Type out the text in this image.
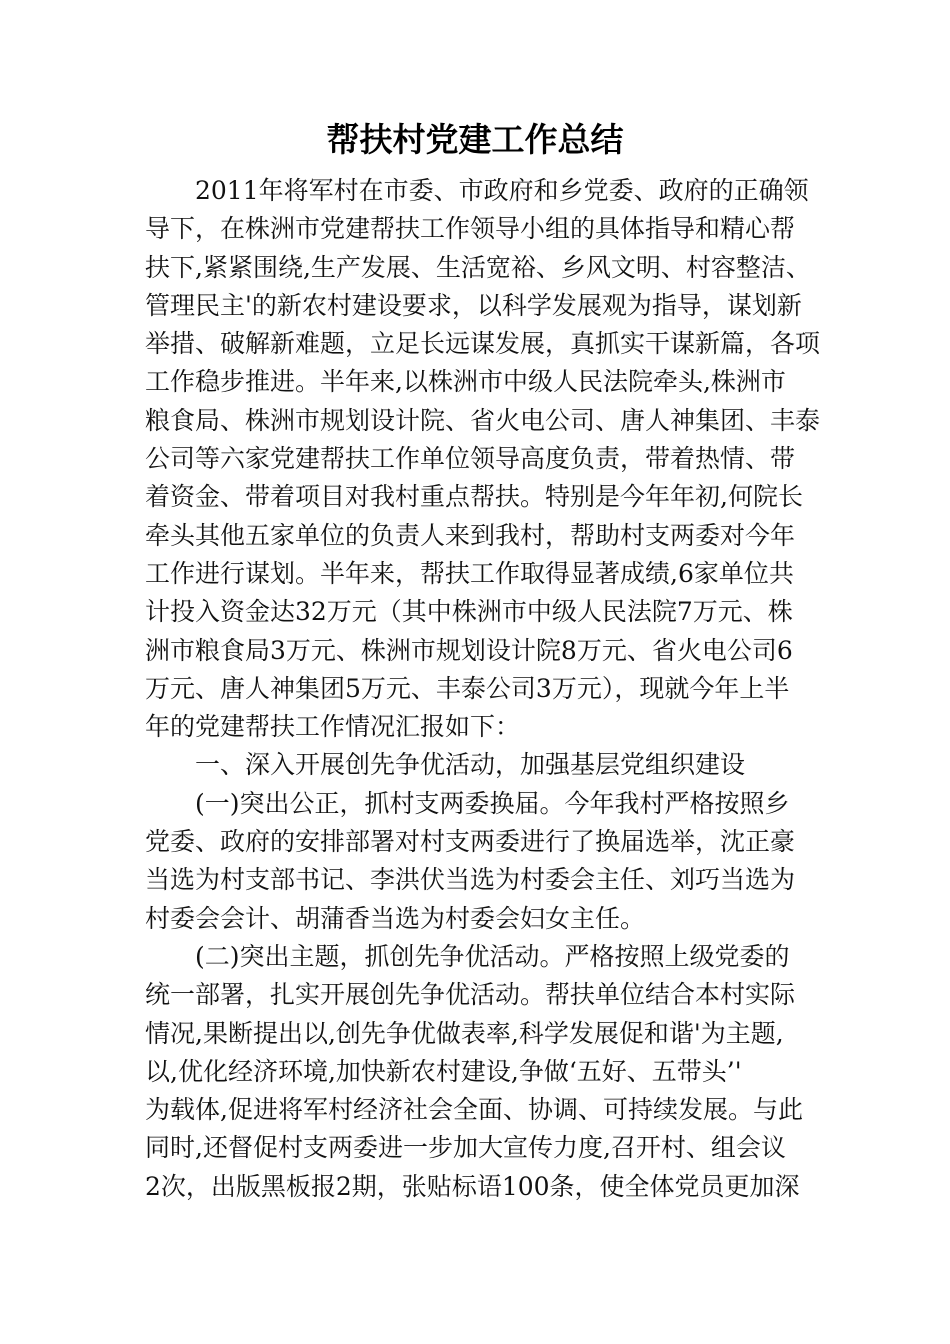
帮扶村党建工作总结
2011年将军村在市委、市政府和乡党委、政府的正确领
导下，在株洲市党建帮扶工作领导小组的具体指导和精心帮
扶下,紧紧围绕,生产发展、生活宽裕、乡风文明、村容整洁、
管理民主'的新农村建设要求，以科学发展观为指导，谋划新
举措、破解新难题，立足长远谋发展，真抓实干谋新篇，各项
工作稳步推进。半年来,以株洲市中级人民法院牵头,株洲市
粮食局、株洲市规划设计院、省火电公司、唐人神集团、丰泰
公司等六家党建帮扶工作单位领导高度负责，带着热情、带
着资金、带着项目对我村重点帮扶。特别是今年年初,何院长
牵头其他五家单位的负责人来到我村，帮助村支两委对今年
工作进行谋划。半年来，帮扶工作取得显著成绩,6家单位共
计投入资金达32万元（其中株洲市中级人民法院7万元、株
洲市粮食局3万元、株洲市规划设计院8万元、省火电公司6
万元、唐人神集团5万元、丰泰公司3万元），现就今年上半
年的党建帮扶工作情况汇报如下：
一、深入开展创先争优活动，加强基层党组织建设
(一)突出公正，抓村支两委换届。今年我村严格按照乡
党委、政府的安排部署对村支两委进行了换届选举，沈正豪
当选为村支部书记、李洪伏当选为村委会主任、刘巧当选为
村委会会计、胡蒲香当选为村委会妇女主任。
(二)突出主题，抓创先争优活动。严格按照上级党委的
统一部署，扎实开展创先争优活动。帮扶单位结合本村实际
情况,果断提出以,创先争优做表率,科学发展促和谐'为主题,
以,优化经济环境,加快新农村建设,争做‘五好、五带头’'
为载体,促进将军村经济社会全面、协调、可持续发展。与此
同时,还督促村支两委进一步加大宣传力度,召开村、组会议
2次，出版黑板报2期，张贴标语100条，使全体党员更加深
